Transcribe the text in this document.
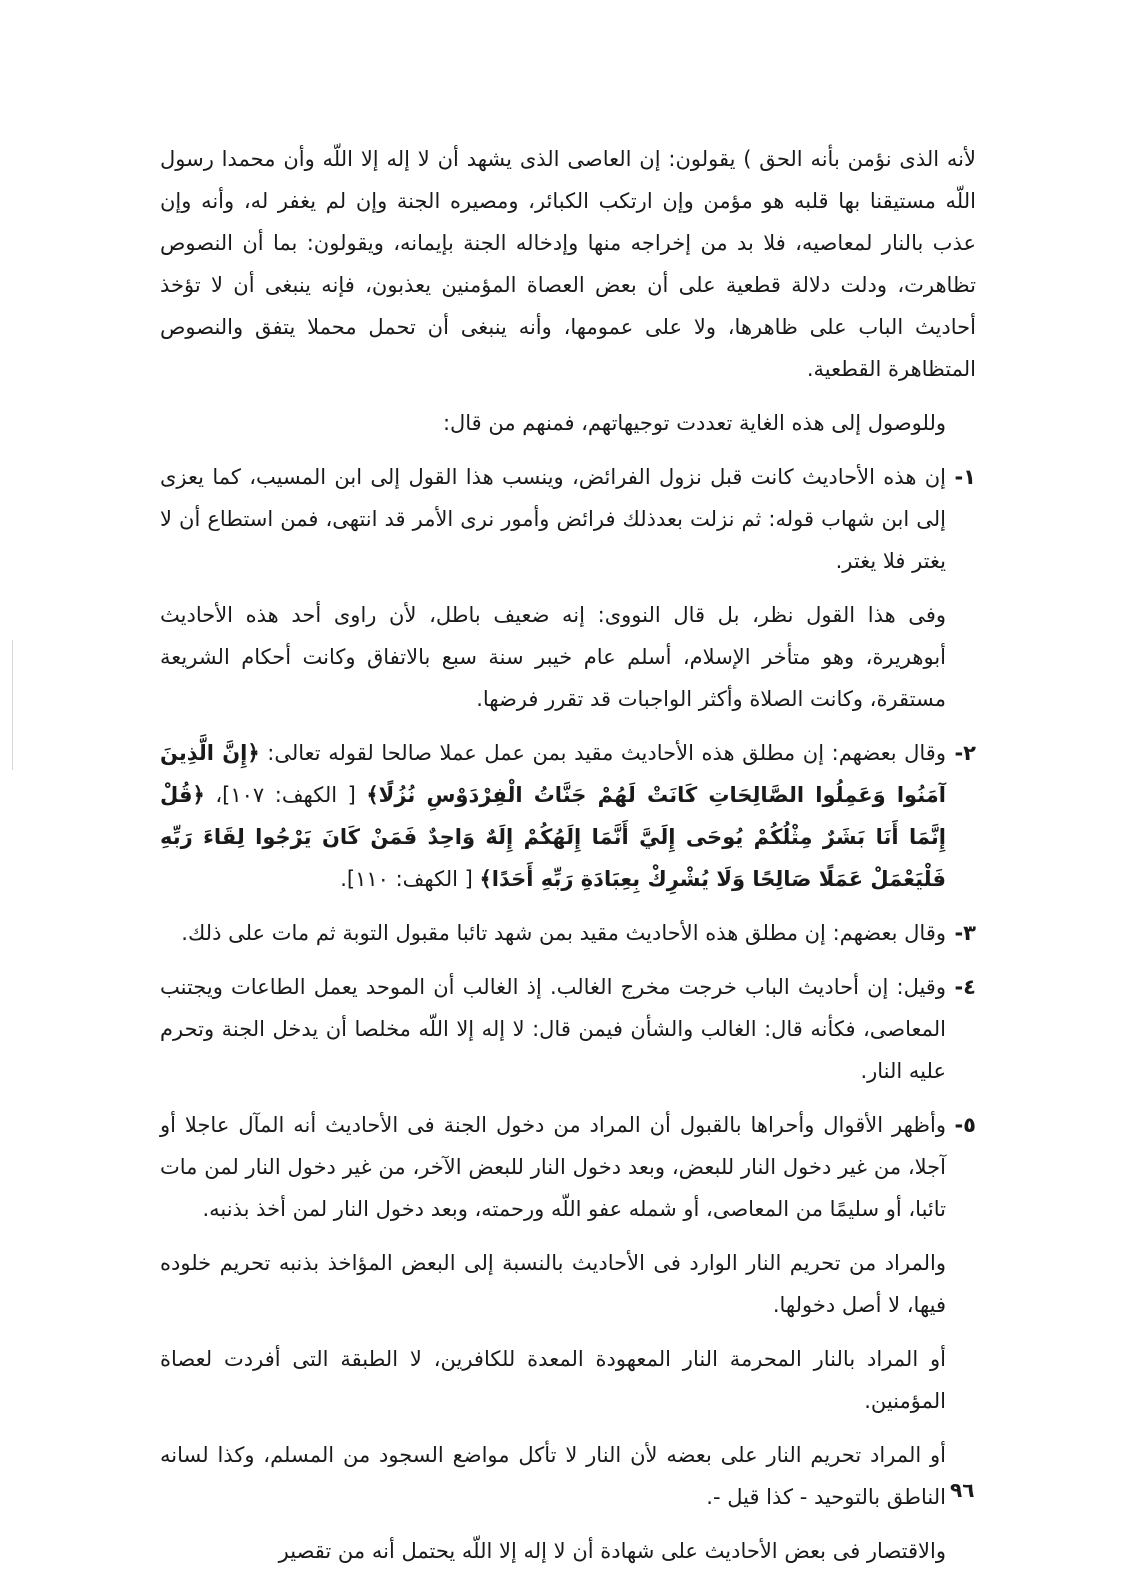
لأنه الذى نؤمن بأنه الحق ) يقولون: إن العاصى الذى يشهد أن لا إله إلا اللّه وأن محمدا رسول اللّه مستيقنا بها قلبه هو مؤمن وإن ارتكب الكبائر، ومصيره الجنة وإن لم يغفر له، وأنه وإن عذب بالنار لمعاصيه، فلا بد من إخراجه منها وإدخاله الجنة بإيمانه، ويقولون: بما أن النصوص تظاهرت، ودلت دلالة قطعية على أن بعض العصاة المؤمنين يعذبون، فإنه ينبغى أن لا تؤخذ أحاديث الباب على ظاهرها، ولا على عمومها، وأنه ينبغى أن تحمل محملا يتفق والنصوص المتظاهرة القطعية.

وللوصول إلى هذه الغاية تعددت توجيهاتهم، فمنهم من قال:

١-
إن هذه الأحاديث كانت قبل نزول الفرائض، وينسب هذا القول إلى ابن المسيب، كما يعزى إلى ابن شهاب قوله: ثم نزلت بعدذلك فرائض وأمور نرى الأمر قد انتهى، فمن استطاع أن لا يغتر فلا يغتر.

وفى هذا القول نظر، بل قال النووى: إنه ضعيف باطل، لأن راوى أحد هذه الأحاديث أبوهريرة، وهو متأخر الإسلام، أسلم عام خيبر سنة سبع بالاتفاق وكانت أحكام الشريعة مستقرة، وكانت الصلاة وأكثر الواجبات قد تقرر فرضها.

٢-
وقال بعضهم: إن مطلق هذه الأحاديث مقيد بمن عمل عملا صالحا لقوله تعالى: ﴿إِنَّ الَّذِينَ آمَنُوا وَعَمِلُوا الصَّالِحَاتِ كَانَتْ لَهُمْ جَنَّاتُ الْفِرْدَوْسِ نُزُلًا﴾ [ الكهف: ١٠٧]، ﴿قُلْ إِنَّمَا أَنَا بَشَرٌ مِثْلُكُمْ يُوحَى إِلَيَّ أَنَّمَا إِلَهُكُمْ إِلَهٌ وَاحِدٌ فَمَنْ كَانَ يَرْجُوا لِقَاءَ رَبِّهِ فَلْيَعْمَلْ عَمَلًا صَالِحًا وَلَا يُشْرِكْ بِعِبَادَةِ رَبِّهِ أَحَدًا﴾ [ الكهف: ١١٠].
٣-
وقال بعضهم: إن مطلق هذه الأحاديث مقيد بمن شهد تائبا مقبول التوبة ثم مات على ذلك.
٤-
وقيل: إن أحاديث الباب خرجت مخرج الغالب. إذ الغالب أن الموحد يعمل الطاعات ويجتنب المعاصى، فكأنه قال: الغالب والشأن فيمن قال: لا إله إلا اللّه مخلصا أن يدخل الجنة وتحرم عليه النار.
٥-
وأظهر الأقوال وأحراها بالقبول أن المراد من دخول الجنة فى الأحاديث أنه المآل عاجلا أو آجلا، من غير دخول النار للبعض، وبعد دخول النار للبعض الآخر، من غير دخول النار لمن مات تائبا، أو سليمًا من المعاصى، أو شمله عفو اللّه ورحمته، وبعد دخول النار لمن أخذ بذنبه.

والمراد من تحريم النار الوارد فى الأحاديث بالنسبة إلى البعض المؤاخذ بذنبه تحريم خلوده فيها، لا أصل دخولها.

أو المراد بالنار المحرمة النار المعهودة المعدة للكافرين، لا الطبقة التى أفردت لعصاة المؤمنين.

أو المراد تحريم النار على بعضه لأن النار لا تأكل مواضع السجود من المسلم، وكذا لسانه الناطق بالتوحيد - كذا قيل -.

والاقتصار فى بعض الأحاديث على شهادة أن لا إله إلا اللّه يحتمل أنه من تقصير

٩٦
